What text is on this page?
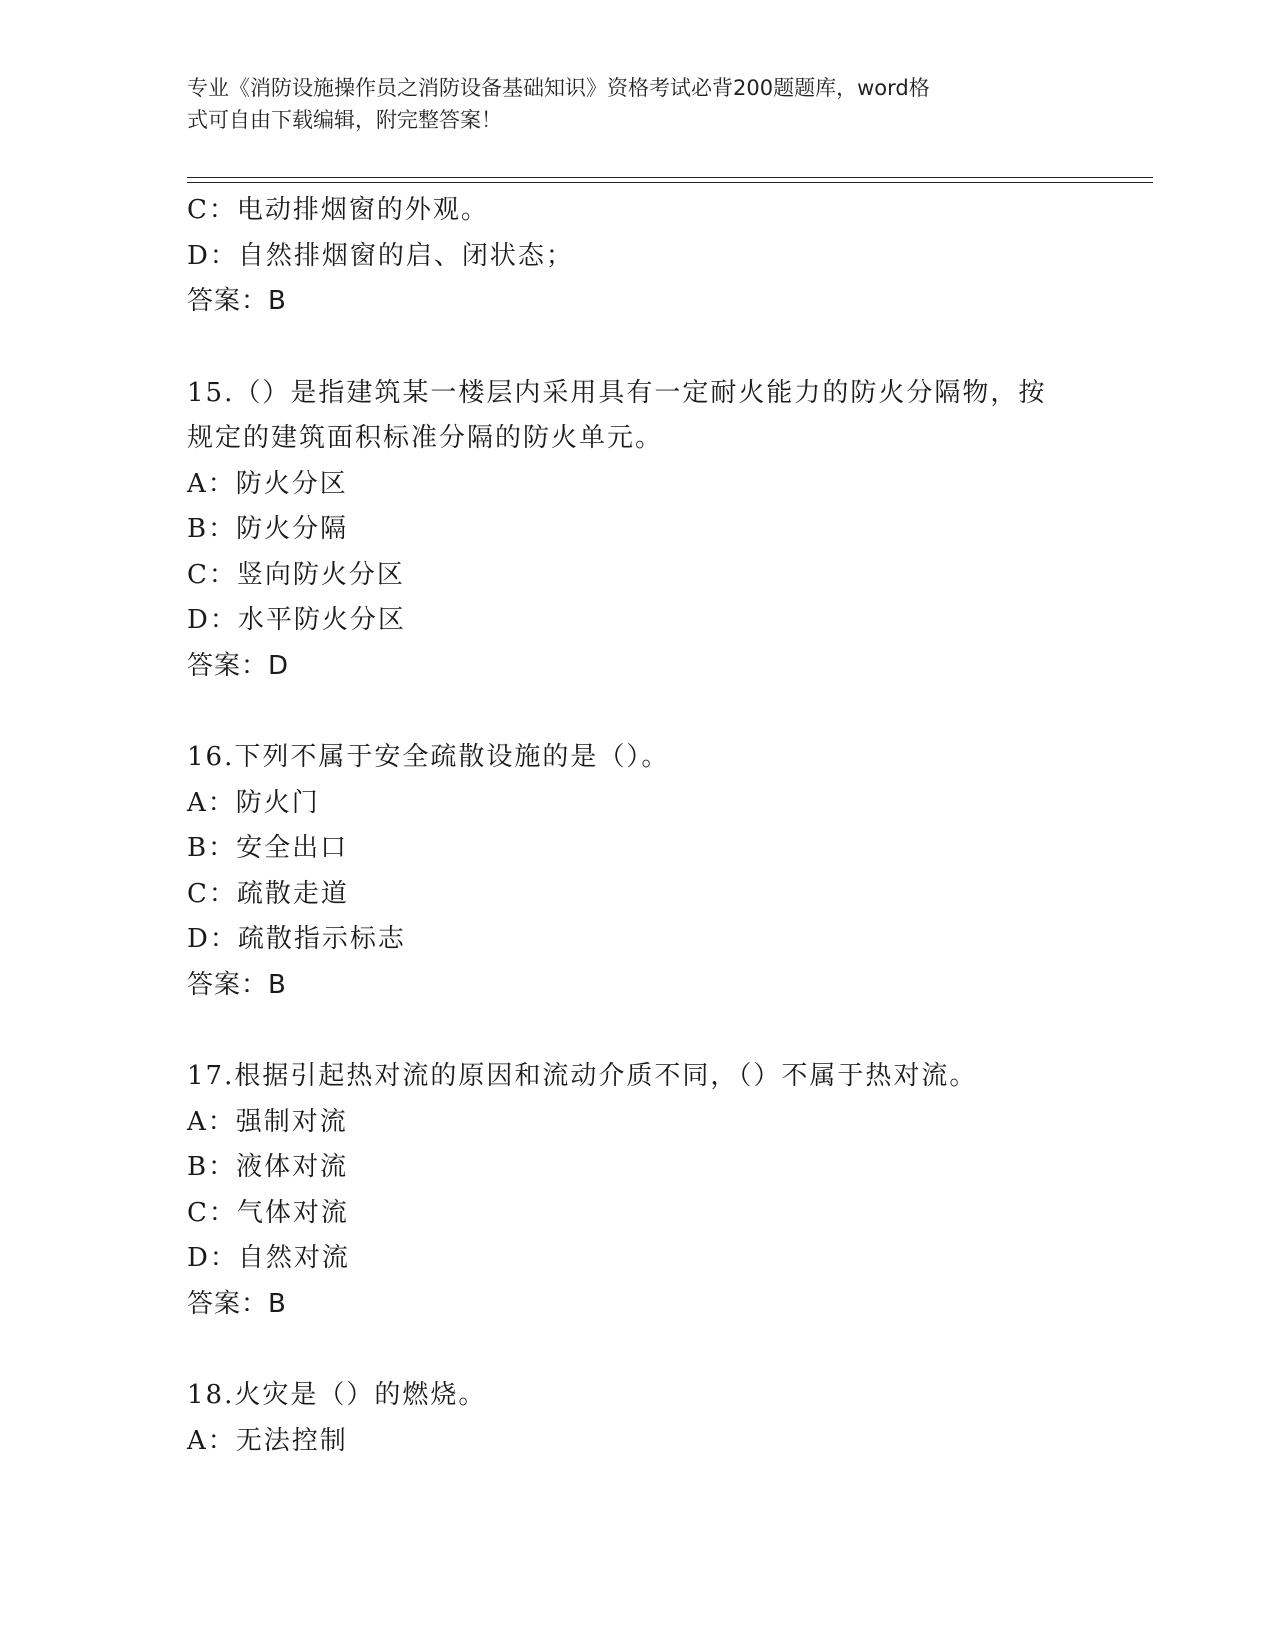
专业《消防设施操作员之消防设备基础知识》资格考试必背200题题库，word格
式可自由下载编辑，附完整答案！
C：电动排烟窗的外观。
D：自然排烟窗的启、闭状态；
答案：B
15.（）是指建筑某一楼层内采用具有一定耐火能力的防火分隔物，按
规定的建筑面积标准分隔的防火单元。
A：防火分区
B：防火分隔
C：竖向防火分区
D：水平防火分区
答案：D
16.下列不属于安全疏散设施的是（）。
A：防火门
B：安全出口
C：疏散走道
D：疏散指示标志
答案：B
17.根据引起热对流的原因和流动介质不同，（）不属于热对流。
A：强制对流
B：液体对流
C：气体对流
D：自然对流
答案：B
18.火灾是（）的燃烧。
A：无法控制
